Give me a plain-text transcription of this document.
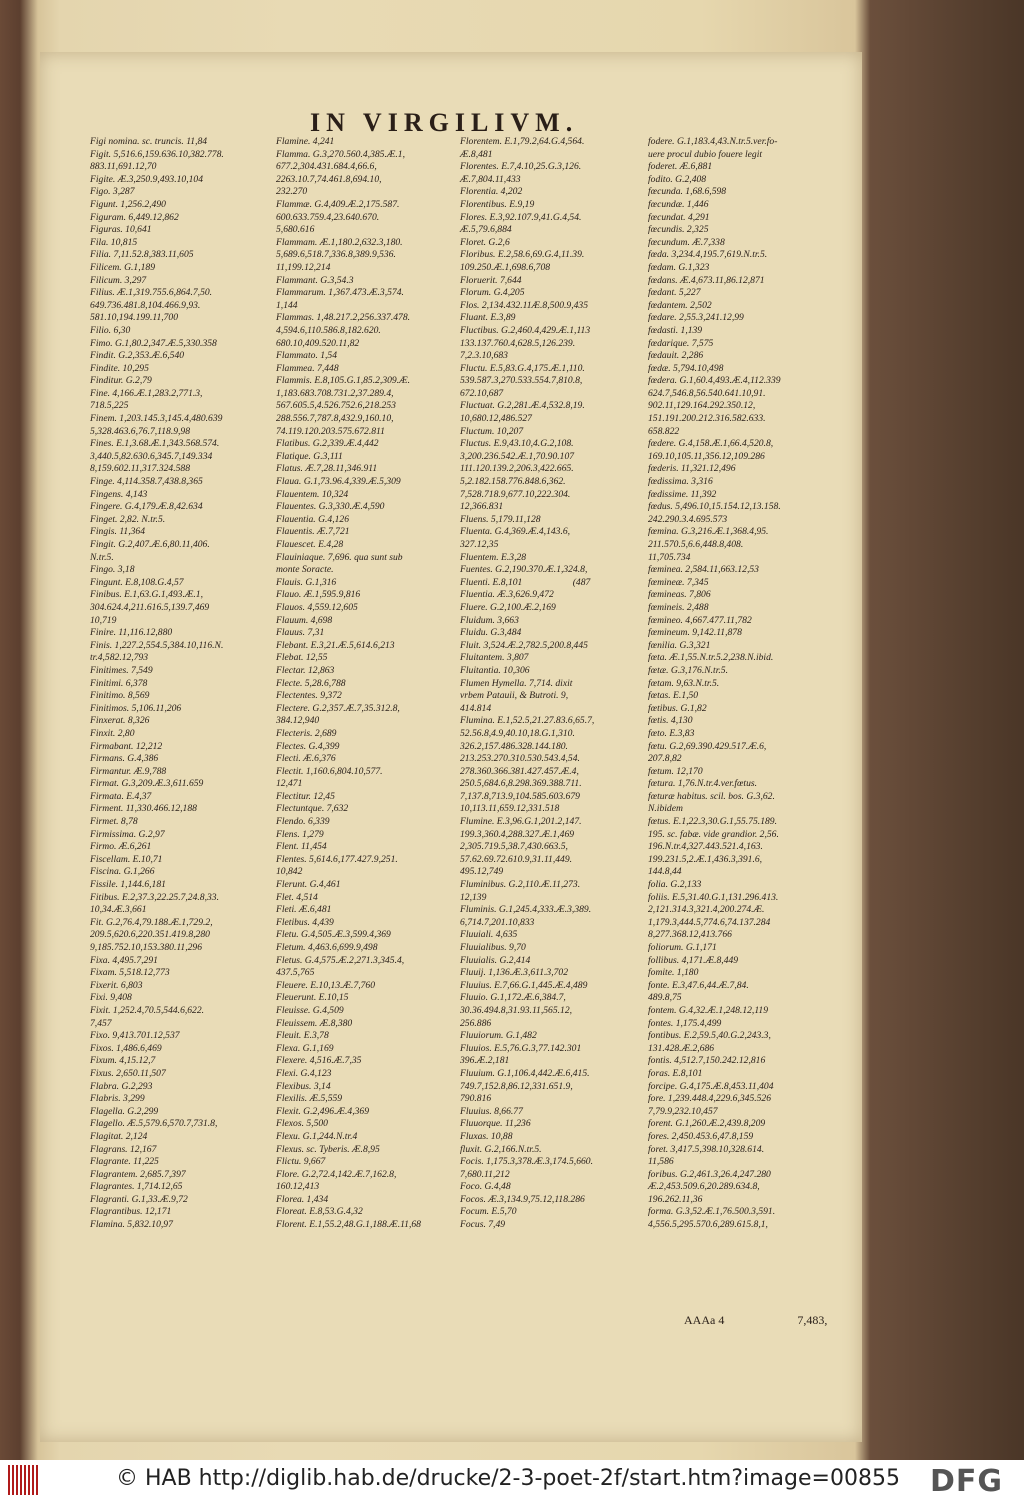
IN VIRGILIVM.
Figi nomina. sc. truncis. 11,84
Figit. 5,516.6,159.636.10,382.778.
883.11,691.12,70
Figite. Æ.3,250.9,493.10,104
Figo. 3,287
Figunt. 1,256.2,490
Figuram. 6,449.12,862
Figuras. 10,641
Fila. 10,815
Filia. 7,11.52.8,383.11,605
Filicem. G.1,189
Filicum. 3,297
Filius. Æ.1,319.755.6,864.7,50.
649.736.481.8,104.466.9,93.
581.10,194.199.11,700
Filio. 6,30
Fimo. G.1,80.2,347.Æ.5,330.358
Findit. G.2,353.Æ.6,540
Findite. 10,295
Finditur. G.2,79
Fine. 4,166.Æ.1,283.2,771.3,
718.5,225
Finem. 1,203.145.3,145.4,480.639
5,328.463.6,76.7,118.9,98
Fines. E.1,3.68.Æ.1,343.568.574.
3,440.5,82.630.6,345.7,149.334
8,159.602.11,317.324.588
Finge. 4,114.358.7,438.8,365
Fingens. 4,143
Fingere. G.4,179.Æ.8,42.634
Finget. 2,82. N.tr.5.
Fingis. 11,364
Fingit. G.2,407.Æ.6,80.11,406.
N.tr.5.
Fingo. 3,18
Fingunt. E.8,108.G.4,57
Finibus. E.1,63.G.1,493.Æ.1,
304.624.4,211.616.5,139.7,469
10,719
Finire. 11,116.12,880
Finis. 1,227.2,554.5,384.10,116.N.
tr.4,582.12,793
Finitimes. 7,549
Finitimi. 6,378
Finitimo. 8,569
Finitimos. 5,106.11,206
Finxerat. 8,326
Finxit. 2,80
Firmabant. 12,212
Firmans. G.4,386
Firmantur. Æ.9,788
Firmat. G.3,209.Æ.3,611.659
Firmata. E.4,37
Firment. 11,330.466.12,188
Firmet. 8,78
Firmissima. G.2,97
Firmo. Æ.6,261
Fiscellam. E.10,71
Fiscina. G.1,266
Fissile. 1,144.6,181
Fitibus. E.2,37.3,22.25.7,24.8,33.
10,34.Æ.3,661
Fit. G.2,76.4,79.188.Æ.1,729.2,
209.5,620.6,220.351.419.8,280
9,185.752.10,153.380.11,296
Fixa. 4,495.7,291
Fixam. 5,518.12,773
Fixerit. 6,803
Fixi. 9,408
Fixit. 1,252.4,70.5,544.6,622.
7,457
Fixo. 9,413.701.12,537
Fixos. 1,486.6,469
Fixum. 4,15.12,7
Fixus. 2,650.11,507
Flabra. G.2,293
Flabris. 3,299
Flagella. G.2,299
Flagello. Æ.5,579.6,570.7,731.8,
Flagitat. 2,124
Flagrans. 12,167
Flagrante. 11,225
Flagrantem. 2,685.7,397
Flagrantes. 1,714.12,65
Flagranti. G.1,33.Æ.9,72
Flagrantibus. 12,171
Flamina. 5,832.10,97
Flamine. 4,241
Flamma. G.3,270.560.4,385.Æ.1,
677.2,304.431.684.4,66.6,
2263.10.7,74.461.8,694.10,
232.270
Flammæ. G.4,409.Æ.2,175.587.
600.633.759.4,23.640.670.
5,680.616
Flammam. Æ.1,180.2,632.3,180.
5,689.6,518.7,336.8,389.9,536.
11,199.12,214
Flammant. G.3,54.3
Flammarum. 1,367.473.Æ.3,574.
1,144
Flammas. 1,48.217.2,256.337.478.
4,594.6,110.586.8,182.620.
680.10,409.520.11,82
Flammato. 1,54
Flammea. 7,448
Flammis. E.8,105.G.1,85.2,309.Æ.
1,183.683.708.731.2,37.289.4,
567.605.5,4.526.752.6,218.253
288.556.7,787.8,432.9,160.10,
74.119.120.203.575.672.811
Flatibus. G.2,339.Æ.4,442
Flatique. G.3,111
Flatus. Æ.7,28.11,346.911
Flaua. G.1,73.96.4,339.Æ.5,309
Flauentem. 10,324
Flauentes. G.3,330.Æ.4,590
Flauentia. G.4,126
Flauentis. Æ.7,721
Flauescet. E.4,28
Flauiniaque. 7,696. qua sunt sub
monte Soracte.
Flauis. G.1,316
Flauo. Æ.1,595.9,816
Flauos. 4,559.12,605
Flauum. 4,698
Flauus. 7,31
Flebant. E.3,21.Æ.5,614.6,213
Flebat. 12,55
Flectar. 12,863
Flecte. 5,28.6,788
Flectentes. 9,372
Flectere. G.2,357.Æ.7,35.312.8,
384.12,940
Flecteris. 2,689
Flectes. G.4,399
Flecti. Æ.6,376
Flectit. 1,160.6,804.10,577.
12,471
Flectitur. 12,45
Flectuntque. 7,632
Flendo. 6,339
Flens. 1,279
Flent. 11,454
Flentes. 5,614.6,177.427.9,251.
10,842
Flerunt. G.4,461
Flet. 4,514
Fleti. Æ.6,481
Fletibus. 4,439
Fletu. G.4,505.Æ.3,599.4,369
Fletum. 4,463.6,699.9,498
Fletus. G.4,575.Æ.2,271.3,345.4,
437.5,765
Fleuere. E.10,13.Æ.7,760
Fleuerunt. E.10,15
Fleuisse. G.4,509
Fleuissem. Æ.8,380
Fleuit. E.3,78
Flexa. G.1,169
Flexere. 4,516.Æ.7,35
Flexi. G.4,123
Flexibus. 3,14
Flexilis. Æ.5,559
Flexit. G.2,496.Æ.4,369
Flexos. 5,500
Flexu. G.1,244.N.tr.4
Flexus. sc. Tyberis. Æ.8,95
Flictu. 9,667
Flore. G.2,72.4,142.Æ.7,162.8,
160.12,413
Florea. 1,434
Floreat. E.8,53.G.4,32
Florent. E.1,55.2,48.G.1,188.Æ.11,68
Florentem. E.1,79.2,64.G.4,564.
Æ.8,481
Florentes. E.7,4.10,25.G.3,126.
Æ.7,804.11,433
Florentia. 4,202
Florentibus. E.9,19
Flores. E.3,92.107.9,41.G.4,54.
Æ.5,79.6,884
Floret. G.2,6
Floribus. E.2,58.6,69.G.4,11.39.
109.250.Æ.1,698.6,708
Floruerit. 7,644
Florum. G.4,205
Flos. 2,134.432.11Æ.8,500.9,435
Fluant. E.3,89
Fluctibus. G.2,460.4,429.Æ.1,113
133.137.760.4,628.5,126.239.
7,2.3.10,683
Fluctu. E.5,83.G.4,175.Æ.1,110.
539.587.3,270.533.554.7,810.8,
672.10,687
Fluctuat. G.2,281.Æ.4,532.8,19.
10,680.12,486.527
Fluctum. 10,207
Fluctus. E.9,43.10,4.G.2,108.
3,200.236.542.Æ.1,70.90.107
111.120.139.2,206.3,422.665.
5,2.182.158.776.848.6,362.
7,528.718.9,677.10,222.304.
12,366.831
Fluens. 5,179.11,128
Fluenta. G.4,369.Æ.4,143.6,
327.12,35
Fluentem. E.3,28
Fuentes. G.2,190.370.Æ.1,324.8,
Fluenti. E.8,101                     (487
Fluentia. Æ.3,626.9,472
Fluere. G.2,100.Æ.2,169
Fluidum. 3,663
Fluidu. G.3,484
Fluit. 3,524.Æ.2,782.5,200.8,445
Fluitantem. 3,807
Fluitantia. 10,306
Flumen Hymella. 7,714. dixit
vrbem Patauii, & Butroti. 9,
414.814
Flumina. E.1,52.5,21.27.83.6,65.7,
52.56.8,4.9,40.10,18.G.1,310.
326.2,157.486.328.144.180.
213.253.270.310.530.543.4,54.
278.360.366.381.427.457.Æ.4,
250.5,684.6,8.298.369.388.711.
7,137.8,713.9,104.585.603.679
10,113.11,659.12,331.518
Flumine. E.3,96.G.1,201.2,147.
199.3,360.4,288.327.Æ.1,469
2,305.719.5,38.7,430.663.5,
57.62.69.72.610.9,31.11,449.
495.12,749
Fluminibus. G.2,110.Æ.11,273.
12,139
Fluminis. G.1,245.4,333.Æ.3,389.
6,714.7,201.10,833
Fluuiali. 4,635
Fluuialibus. 9,70
Fluuialis. G.2,414
Fluuij. 1,136.Æ.3,611.3,702
Fluuius. E.7,66.G.1,445.Æ.4,489
Fluuio. G.1,172.Æ.6,384.7,
30.36.494.8,31.93.11,565.12,
256.886
Fluuiorum. G.1,482
Fluuios. E.5,76.G.3,77.142.301
396.Æ.2,181
Fluuium. G.1,106.4,442.Æ.6,415.
749.7,152.8,86.12,331.651.9,
790.816
Fluuius. 8,66.77
Fluuorque. 11,236
Fluxas. 10,88
fluxit. G.2,166.N.tr.5.
Focis. 1,175.3,378.Æ.3,174.5,660.
7,680.11,212
Foco. G.4,48
Focos. Æ.3,134.9,75.12,118.286
Focum. E.5,70
Focus. 7,49
fodere. G.1,183.4,43.N.tr.5.ver.fo-
uere procul dubio fouere legit
foderet. Æ.6,881
fodito. G.2,408
fœcunda. 1,68.6,598
fœcundæ. 1,446
fœcundat. 4,291
fœcundis. 2,325
fœcundum. Æ.7,338
fœda. 3,234.4,195.7,619.N.tr.5.
fœdam. G.1,323
fœdans. Æ.4,673.11,86.12,871
fœdant. 5,227
fœdantem. 2,502
fœdare. 2,55.3,241.12,99
fœdasti. 1,139
fœdarique. 7,575
fœdauit. 2,286
fœdæ. 5,794.10,498
fœdera. G.1,60.4,493.Æ.4,112.339
624.7,546.8,56.540.641.10,91.
902.11,129.164.292.350.12,
151.191.200.212.316.582.633.
658.822
fœdere. G.4,158.Æ.1,66.4,520.8,
169.10,105.11,356.12,109.286
fœderis. 11,321.12,496
fœdissima. 3,316
fœdissime. 11,392
fœdus. 5,496.10,15.154.12,13.158.
242.290.3.4.695.573
fœmina. G.3,216.Æ.1,368.4,95.
211.570.5,6.6,448.8,408.
11,705.734
fœminea. 2,584.11,663.12,53
fœmineæ. 7,345
fœmineas. 7,806
fœmineis. 2,488
fœmineo. 4,667.477.11,782
fœmineum. 9,142.11,878
fœnilia. G.3,321
fœta. Æ.1,55.N.tr.5.2,238.N.ibid.
fœtæ. G.3,176.N.tr.5.
fœtam. 9,63.N.tr.5.
fœtas. E.1,50
fœtibus. G.1,82
fœtis. 4,130
fœto. E.3,83
fœtu. G.2,69.390.429.517.Æ.6,
207.8,82
fœtum. 12,170
fœtura. 1,76.N.tr.4.ver.fœtus.
fœturæ habitus. scil. bos. G.3,62.
N.ibidem
fœtus. E.1,22.3,30.G.1,55.75.189.
195. sc. fabæ. vide grandior. 2,56.
196.N.tr.4,327.443.521.4,163.
199.231.5,2.Æ.1,436.3,391.6,
144.8,44
folia. G.2,133
foliis. E.5,31.40.G.1,131.296.413.
2,121.314.3,321.4,200.274.Æ.
1,179.3,444.5,774.6,74.137.284
8,277.368.12,413.766
foliorum. G.1,171
follibus. 4,171.Æ.8,449
fomite. 1,180
fonte. E.3,47.6,44.Æ.7,84.
489.8,75
fontem. G.4,32.Æ.1,248.12,119
fontes. 1,175.4,499
fontibus. E.2,59.5,40.G.2,243.3,
131.428.Æ.2,686
fontis. 4,512.7,150.242.12,816
foras. E.8,101
forcipe. G.4,175.Æ.8,453.11,404
fore. 1,239.448.4,229.6,345.526
7,79.9,232.10,457
forent. G.1,260.Æ.2,439.8,209
fores. 2,450.453.6,47.8,159
foret. 3,417.5,398.10,328.614.
11,586
foribus. G.2,461.3,26.4,247.280
Æ.2,453.509.6,20.289.634.8,
196.262.11,36
forma. G.3,52.Æ.1,76.500.3,591.
4,556.5,295.570.6,289.615.8,1,
AAAa 4	7,483,
© HAB http://diglib.hab.de/drucke/2-3-poet-2f/start.htm?image=00855 DFG
